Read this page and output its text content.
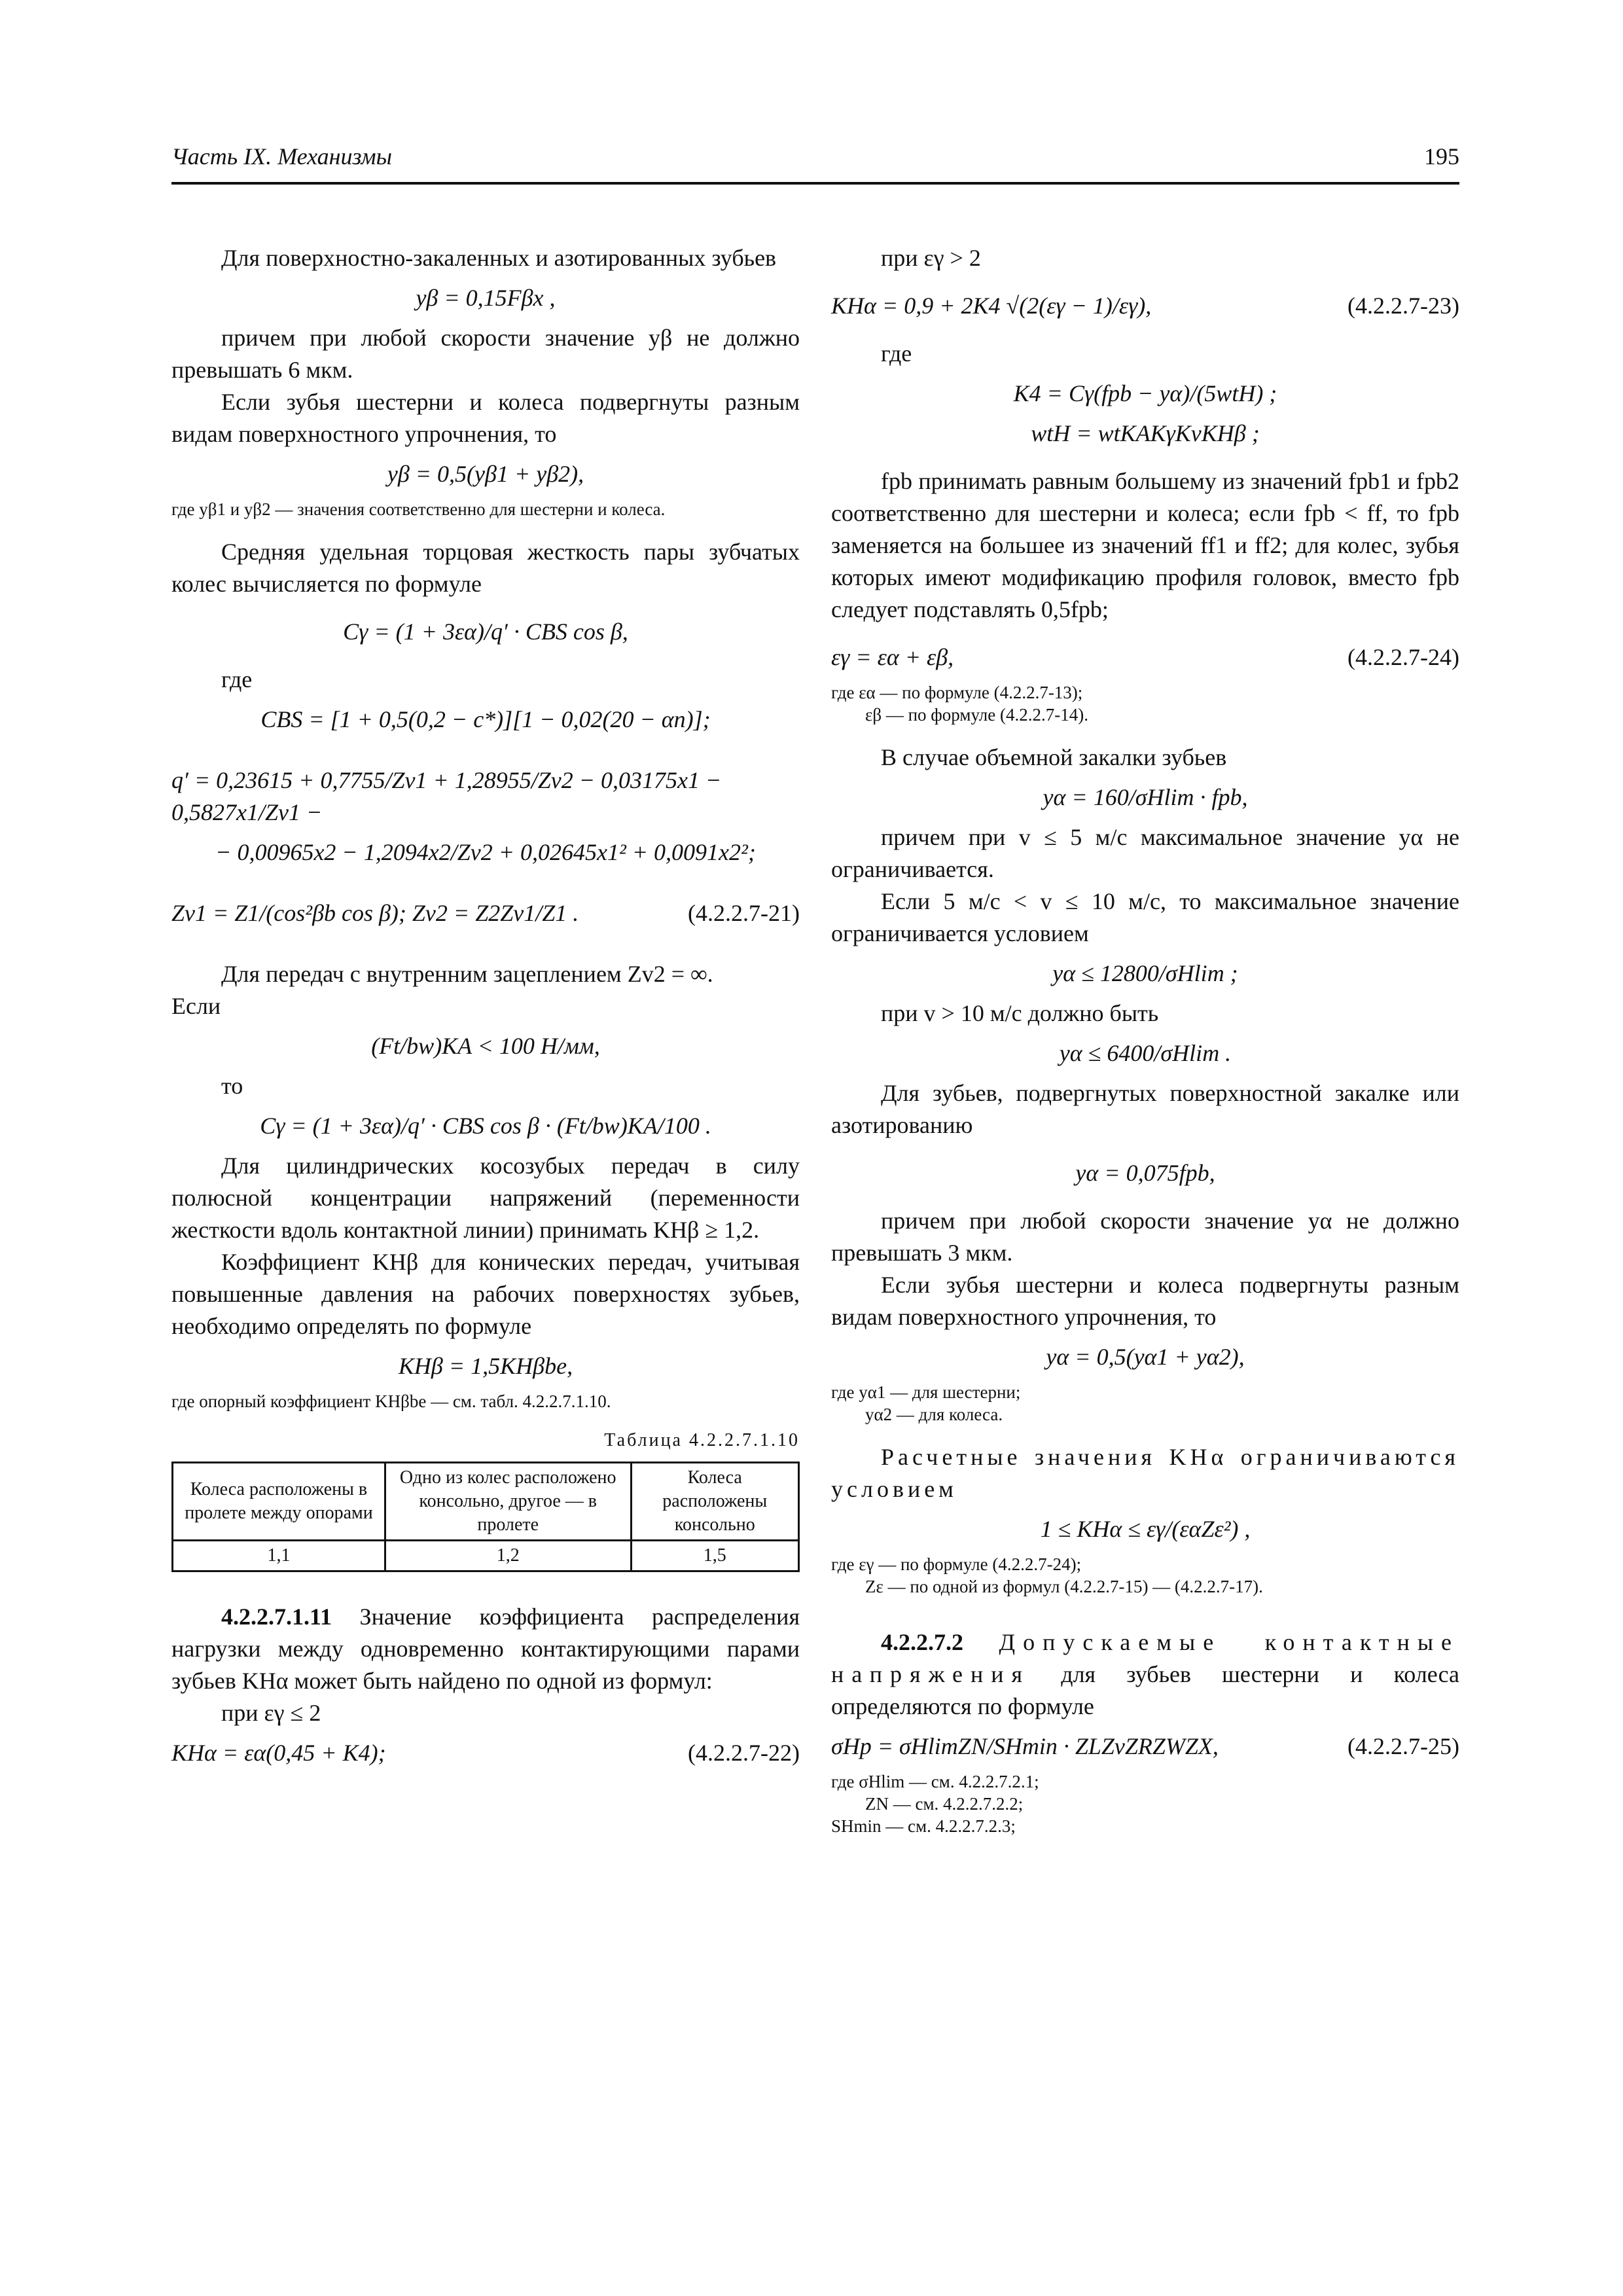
Часть IX. Механизмы	195

Для поверхностно-закаленных и азотированных зубьев

yβ = 0,15Fβx ,

причем при любой скорости значение yβ не должно превышать 6 мкм.

Если зубья шестерни и колеса подвергнуты разным видам поверхностного упрочнения, то

yβ = 0,5(yβ1 + yβ2),

где yβ1 и yβ2 — значения соответственно для шестерни и колеса.

Средняя удельная торцовая жесткость пары зубчатых колес вычисляется по формуле

Cγ = (1 + 3εα)/q′ · CBS cos β,

где

CBS = [1 + 0,5(0,2 − c*)][1 − 0,02(20 − αn)];
q′ = 0,23615 + 0,7755/Zv1 + 1,28955/Zv2 − 0,03175x1 − 0,5827x1/Zv1 −
− 0,00965x2 − 1,2094x2/Zv2 + 0,02645x1² + 0,0091x2²;
Zv1 = Z1/(cos²βb cos β); Zv2 = Z2Zv1/Z1 .	(4.2.2.7-21)

Для передач с внутренним зацеплением Zv2 = ∞.

Если

(Ft/bw)KA < 100 Н/мм,

то

Cγ = (1 + 3εα)/q′ · CBS cos β · (Ft/bw)KA/100 .

Для цилиндрических косозубых передач в силу полюсной концентрации напряжений (переменности жесткости вдоль контактной линии) принимать KHβ ≥ 1,2.

Коэффициент KHβ для конических передач, учитывая повышенные давления на рабочих поверхностях зубьев, необходимо определять по формуле

KHβ = 1,5KHβbe,

где опорный коэффициент KHβbe — см. табл. 4.2.2.7.1.10.

Таблица 4.2.2.7.1.10
Колеса расположены в пролете между опорами	Одно из колес расположено консольно, другое — в пролете	Колеса расположены консольно
1,1	1,2	1,5

4.2.2.7.1.11 Значение коэффициента распределения нагрузки между одновременно контактирующими парами зубьев KHα может быть найдено по одной из формул:

при εγ ≤ 2

KHα = εα(0,45 + K4);	(4.2.2.7-22)

при εγ > 2

KHα = 0,9 + 2K4 √(2(εγ − 1)/εγ),	(4.2.2.7-23)

где

K4 = Cγ(fpb − yα)/(5wtH) ;
wtH = wtKAKγKvKHβ ;

fpb принимать равным большему из значений fpb1 и fpb2 соответственно для шестерни и колеса; если fpb < ff, то fpb заменяется на большее из значений ff1 и ff2; для колес, зубья которых имеют модификацию профиля головок, вместо fpb следует подставлять 0,5fpb;

εγ = εα + εβ,	(4.2.2.7-24)

где εα — по формуле (4.2.2.7-13);

εβ — по формуле (4.2.2.7-14).

В случае объемной закалки зубьев

yα = 160/σHlim · fpb,

причем при v ≤ 5 м/с максимальное значение yα не ограничивается.

Если 5 м/с < v ≤ 10 м/с, то максимальное значение ограничивается условием

yα ≤ 12800/σHlim ;

при v > 10 м/с должно быть

yα ≤ 6400/σHlim .

Для зубьев, подвергнутых поверхностной закалке или азотированию

yα = 0,075fpb,

причем при любой скорости значение yα не должно превышать 3 мкм.

Если зубья шестерни и колеса подвергнуты разным видам поверхностного упрочнения, то

yα = 0,5(yα1 + yα2),

где yα1 — для шестерни;

yα2 — для колеса.

Расчетные значения KHα ограничиваются условием

1 ≤ KHα ≤ εγ/(εαZε²) ,

где εγ — по формуле (4.2.2.7-24);

Zε — по одной из формул (4.2.2.7-15) — (4.2.2.7-17).

4.2.2.7.2 Допускаемые контактные напряжения для зубьев шестерни и колеса определяются по формуле

σHp = σHlimZN/SHmin · ZLZvZRZWZX,	(4.2.2.7-25)

где σHlim — см. 4.2.2.7.2.1;

ZN — см. 4.2.2.7.2.2;

SHmin — см. 4.2.2.7.2.3;
